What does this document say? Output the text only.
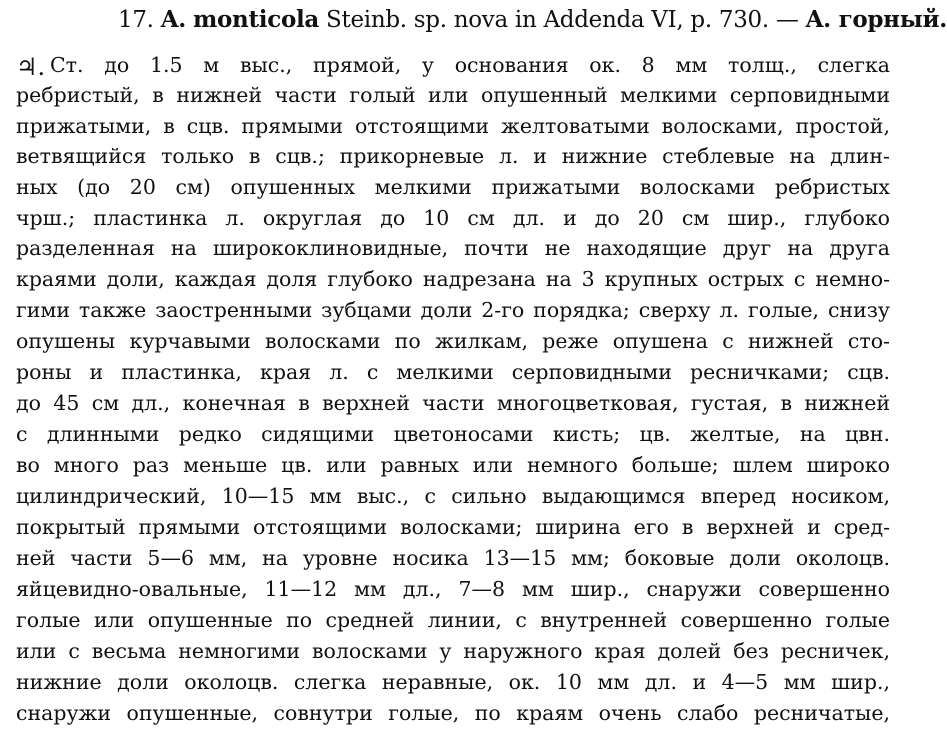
17. A. monticola Steinb. sp. nova in Addenda VI, p. 730. — A. горный.
♃. Ст. до 1.5 м выс., прямой, у основания ок. 8 мм толщ., слегка
ребристый, в нижней части голый или опушенный мелкими серповидными
прижатыми, в сцв. прямыми отстоящими желтоватыми волосками, простой,
ветвящийся только в сцв.; прикорневые л. и нижние стеблевые на длин-
ных (до 20 см) опушенных мелкими прижатыми волосками ребристых
чрш.; пластинка л. округлая до 10 см дл. и до 20 см шир., глубоко
разделенная на ширококлиновидные, почти не находящие друг на друга
краями доли, каждая доля глубоко надрезана на 3 крупных острых с немно-
гими также заостренными зубцами доли 2-го порядка; сверху л. голые, снизу
опушены курчавыми волосками по жилкам, реже опушена с нижней сто-
роны и пластинка, края л. с мелкими серповидными ресничками; сцв.
до 45 см дл., конечная в верхней части многоцветковая, густая, в нижней
с длинными редко сидящими цветоносами кисть; цв. желтые, на цвн.
во много раз меньше цв. или равных или немного больше; шлем широко
цилиндрический, 10—15 мм выс., с сильно выдающимся вперед носиком,
покрытый прямыми отстоящими волосками; ширина его в верхней и сред-
ней части 5—6 мм, на уровне носика 13—15 мм; боковые доли околоцв.
яйцевидно-овальные, 11—12 мм дл., 7—8 мм шир., снаружи совершенно
голые или опушенные по средней линии, с внутренней совершенно голые
или с весьма немногими волосками у наружного края долей без ресничек,
нижние доли околоцв. слегка неравные, ок. 10 мм дл. и 4—5 мм шир.,
снаружи опушенные, совнутри голые, по краям очень слабо ресничатые,
